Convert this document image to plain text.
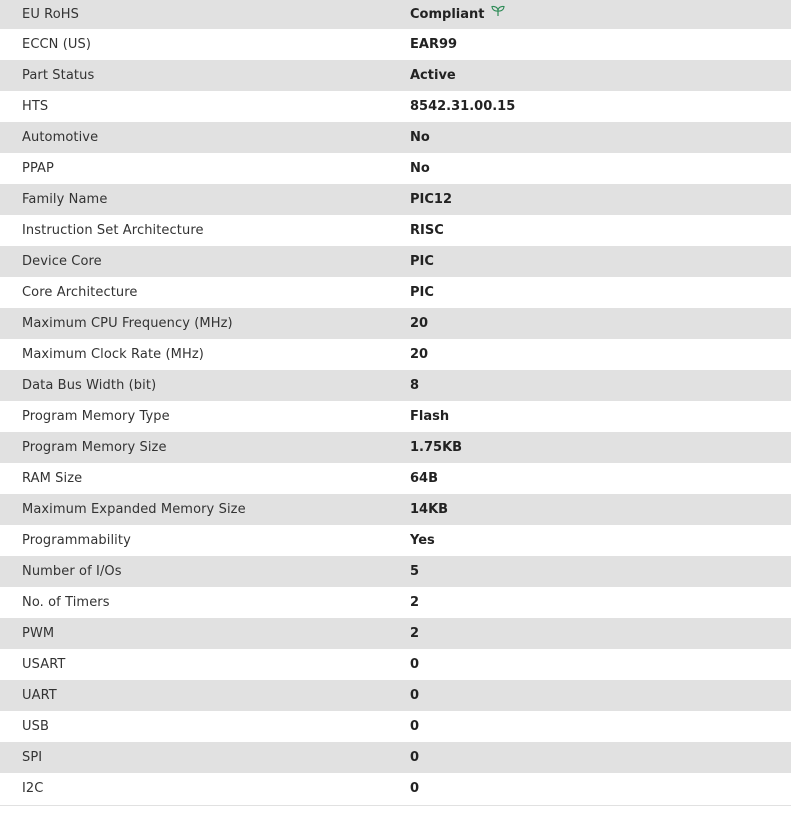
EU RoHS	Compliant
ECCN (US)	EAR99
Part Status	Active
HTS	8542.31.00.15
Automotive	No
PPAP	No
Family Name	PIC12
Instruction Set Architecture	RISC
Device Core	PIC
Core Architecture	PIC
Maximum CPU Frequency (MHz)	20
Maximum Clock Rate (MHz)	20
Data Bus Width (bit)	8
Program Memory Type	Flash
Program Memory Size	1.75KB
RAM Size	64B
Maximum Expanded Memory Size	14KB
Programmability	Yes
Number of I/Os	5
No. of Timers	2
PWM	2
USART	0
UART	0
USB	0
SPI	0
I2C	0
